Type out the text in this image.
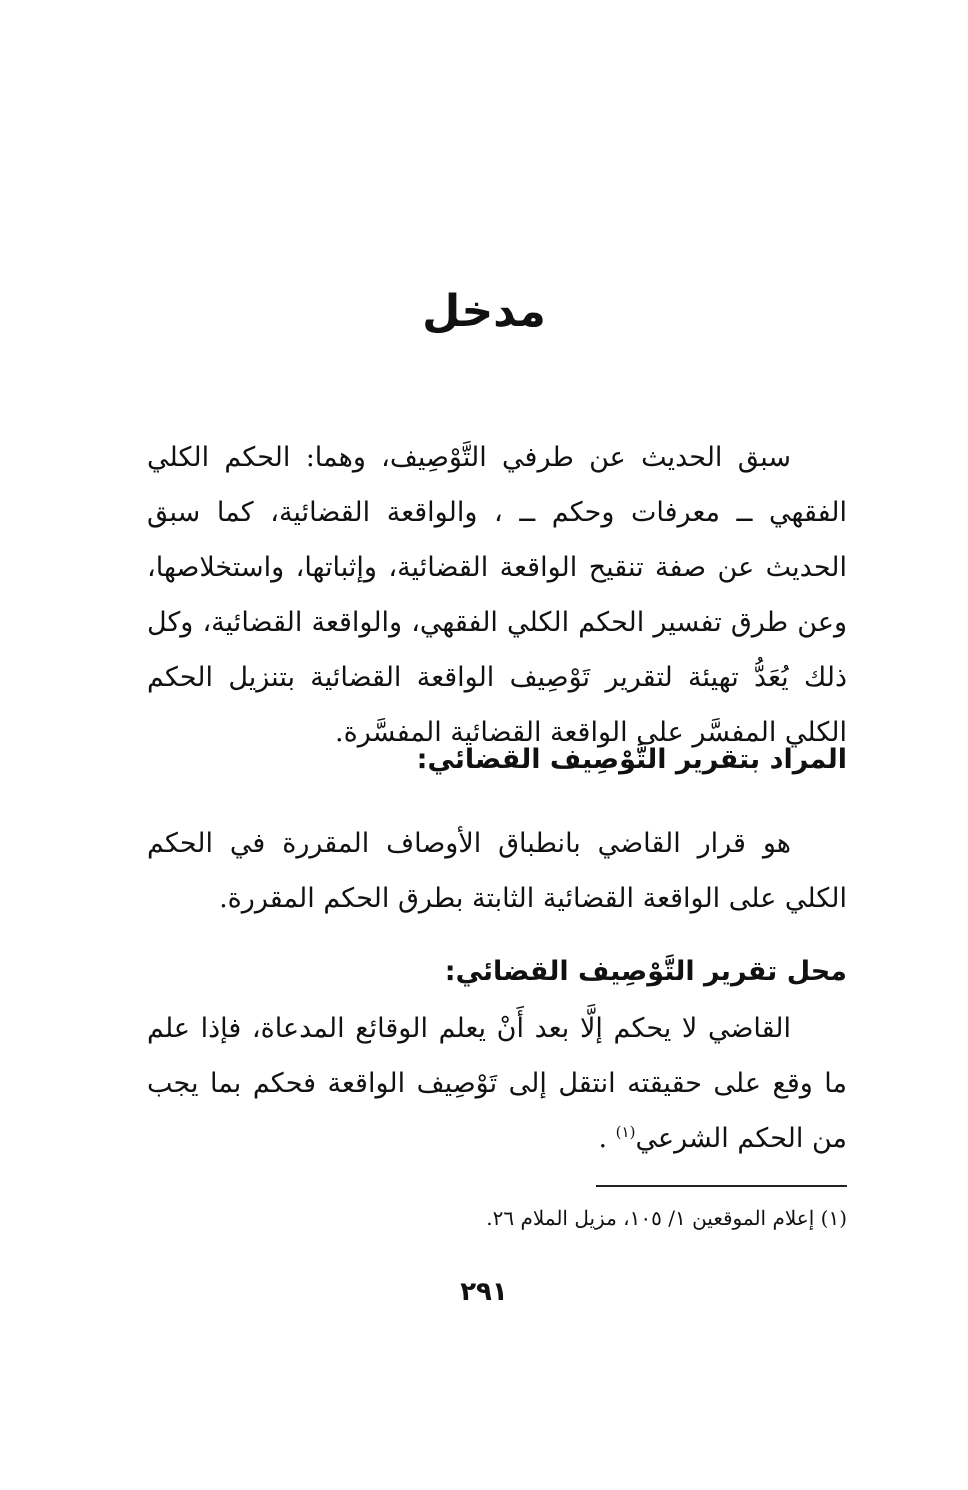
مدخل

سبق الحديث عن طرفي التَّوْصِيف، وهما: الحكم الكلي الفقهي ــ معرفات وحكم ــ ، والواقعة القضائية، كما سبق الحديث عن صفة تنقيح الواقعة القضائية، وإثباتها، واستخلاصها، وعن طرق تفسير الحكم الكلي الفقهي، والواقعة القضائية، وكل ذلك يُعَدُّ تهيئة لتقرير تَوْصِيف الواقعة القضائية بتنزيل الحكم الكلي المفسَّر على الواقعة القضائية المفسَّرة.

المراد بتقرير التَّوْصِيف القضائي:

هو قرار القاضي بانطباق الأوصاف المقررة في الحكم الكلي على الواقعة القضائية الثابتة بطرق الحكم المقررة.

محل تقرير التَّوْصِيف القضائي:

القاضي لا يحكم إلَّا بعد أَنْ يعلم الوقائع المدعاة، فإذا علم ما وقع على حقيقته انتقل إلى تَوْصِيف الواقعة فحكم بما يجب من الحكم الشرعي$^{(١)}$ .

(١) إعلام الموقعين ١/ ١٠٥، مزيل الملام ٢٦.
٢٩١
